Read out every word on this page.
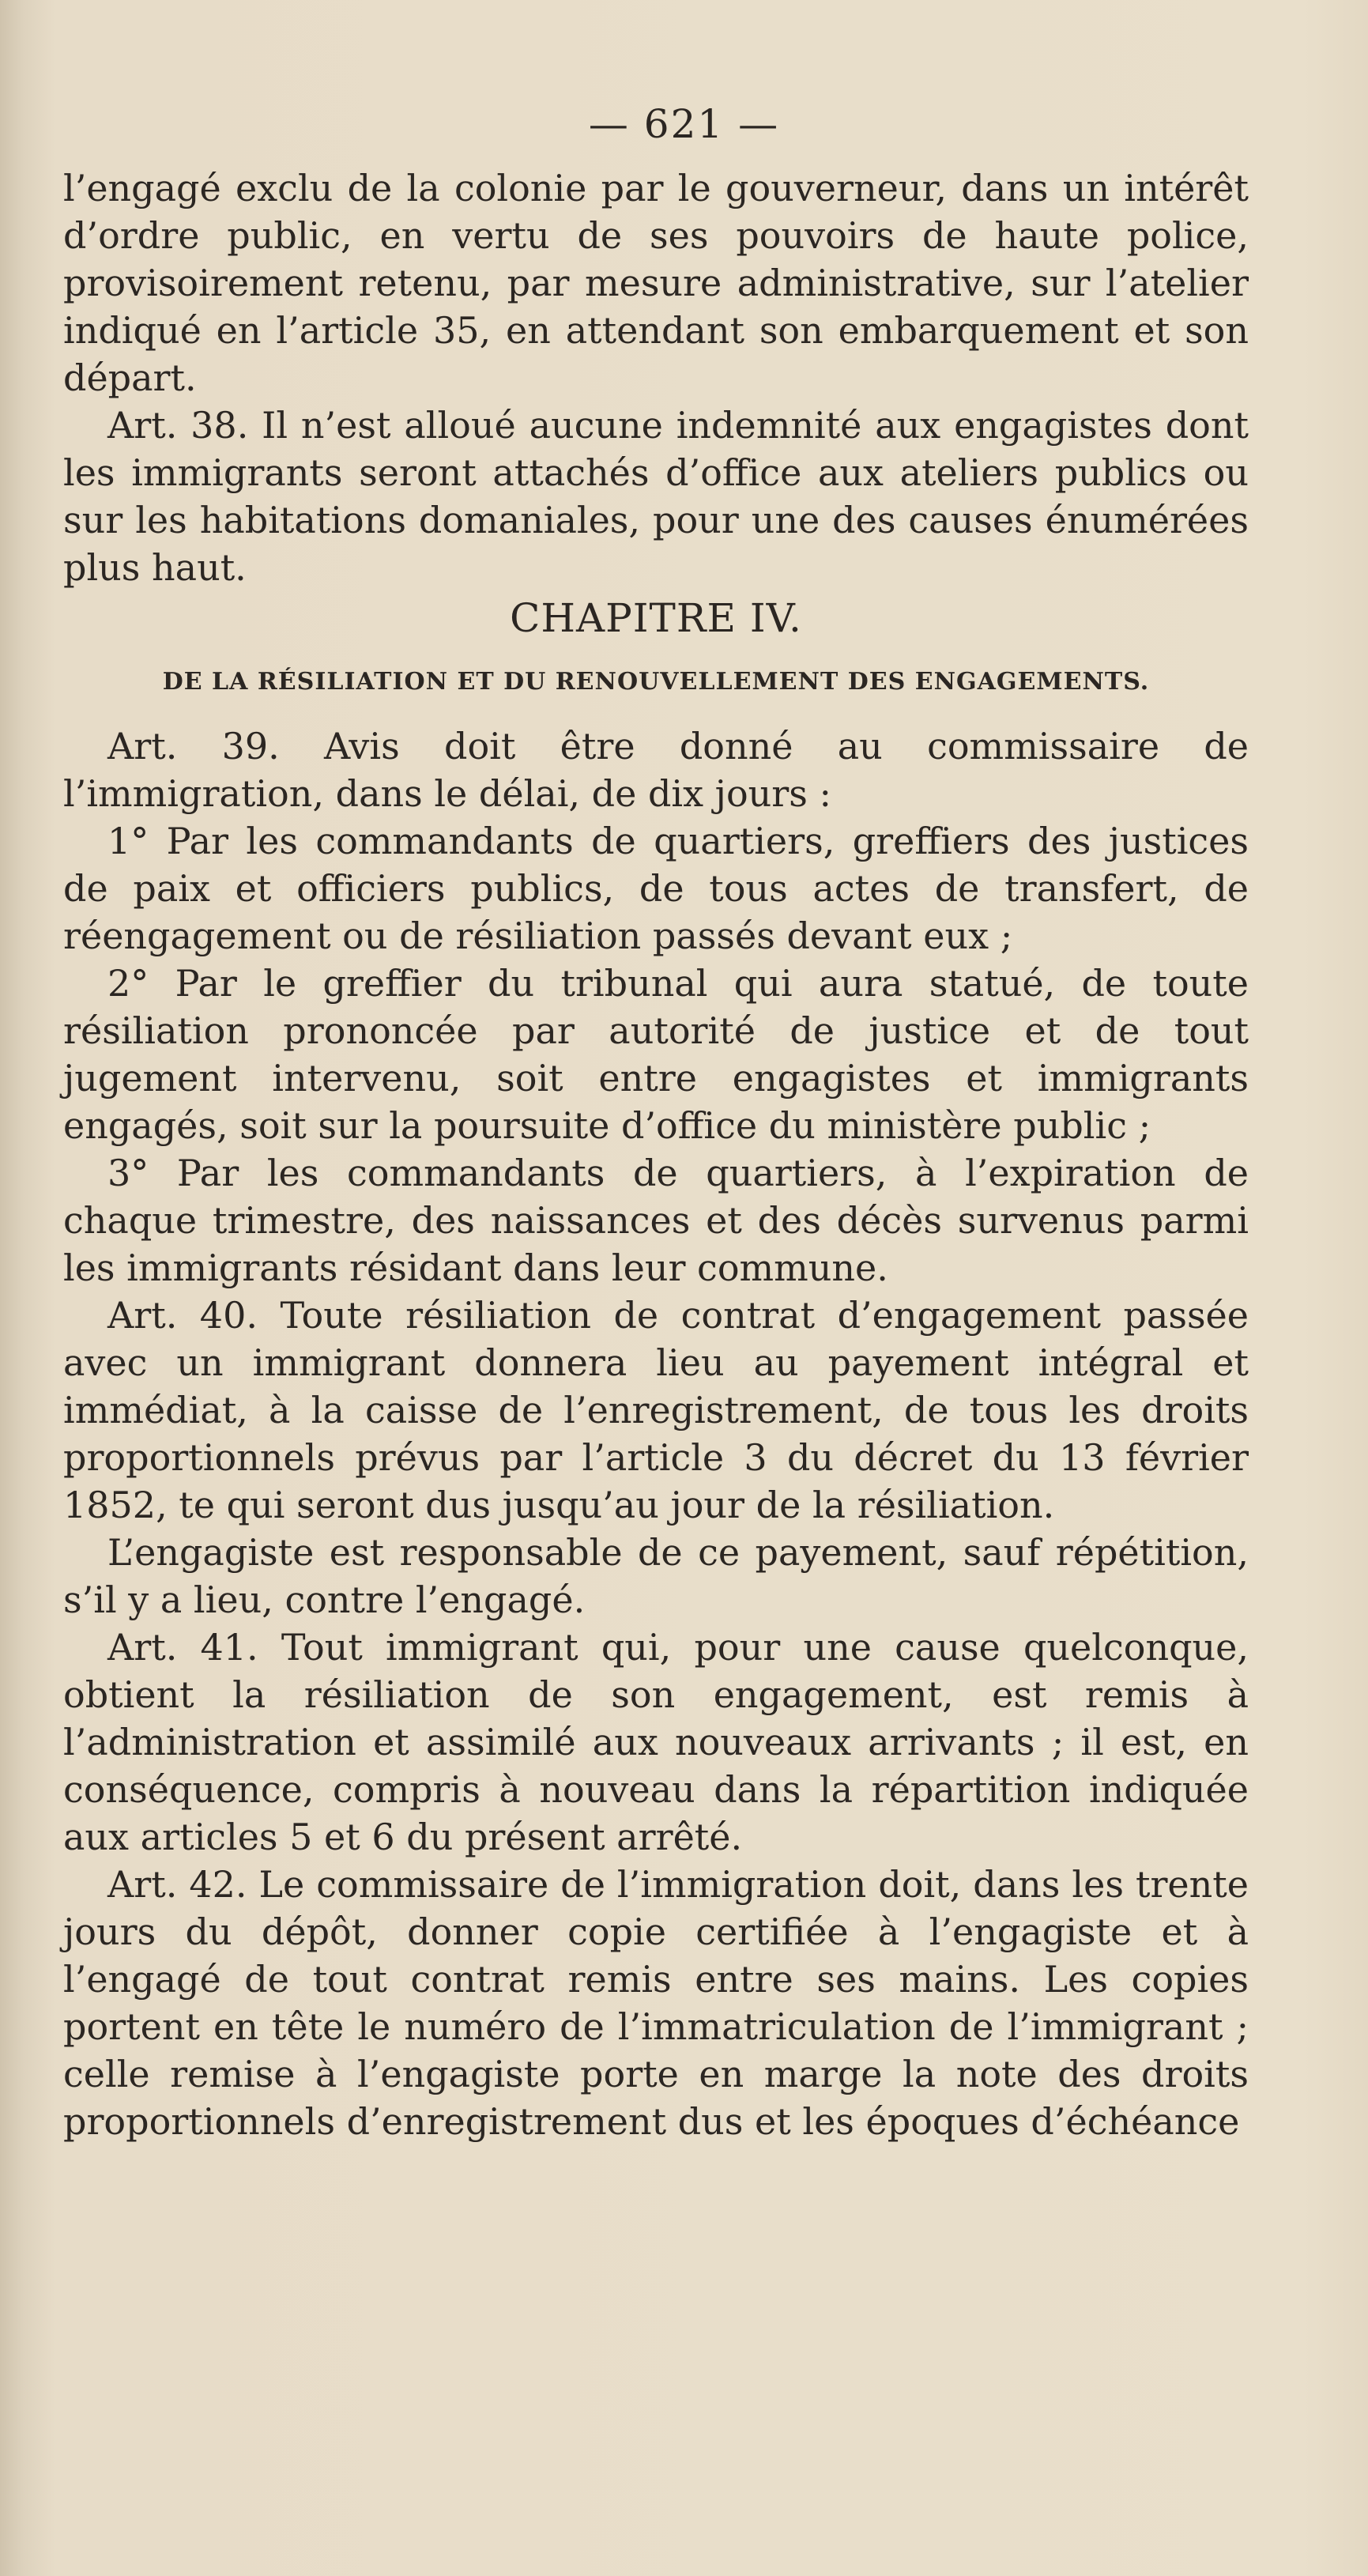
— 621 —

l’engagé exclu de la colonie par le gouverneur, dans un intérêt d’ordre public, en vertu de ses pouvoirs de haute police, provisoirement retenu, par mesure administrative, sur l’atelier indiqué en l’article 35, en attendant son embarquement et son départ.

Art. 38. Il n’est alloué aucune indemnité aux engagistes dont les immigrants seront attachés d’office aux ateliers publics ou sur les habitations domaniales, pour une des causes énumérées plus haut.

CHAPITRE IV.

DE LA RÉSILIATION ET DU RENOUVELLEMENT DES ENGAGEMENTS.

Art. 39. Avis doit être donné au commissaire de l’immigration, dans le délai, de dix jours :

1° Par les commandants de quartiers, greffiers des justices de paix et officiers publics, de tous actes de transfert, de réengagement ou de résiliation passés devant eux ;

2° Par le greffier du tribunal qui aura statué, de toute résiliation prononcée par autorité de justice et de tout jugement intervenu, soit entre engagistes et immigrants engagés, soit sur la poursuite d’office du ministère public ;

3° Par les commandants de quartiers, à l’expiration de chaque trimestre, des naissances et des décès survenus parmi les immigrants résidant dans leur commune.

Art. 40. Toute résiliation de contrat d’engagement passée avec un immigrant donnera lieu au payement intégral et immédiat, à la caisse de l’enregistrement, de tous les droits proportionnels prévus par l’article 3 du décret du 13 février 1852, te qui seront dus jusqu’au jour de la résiliation.

L’engagiste est responsable de ce payement, sauf répétition, s’il y a lieu, contre l’engagé.

Art. 41. Tout immigrant qui, pour une cause quelconque, obtient la résiliation de son engagement, est remis à l’administration et assimilé aux nouveaux arrivants ; il est, en conséquence, compris à nouveau dans la répartition indiquée aux articles 5 et 6 du présent arrêté.

Art. 42. Le commissaire de l’immigration doit, dans les trente jours du dépôt, donner copie certifiée à l’engagiste et à l’engagé de tout contrat remis entre ses mains. Les copies portent en tête le numéro de l’immatriculation de l’immigrant ; celle remise à l’engagiste porte en marge la note des droits proportionnels d’enregistrement dus et les époques d’échéance
